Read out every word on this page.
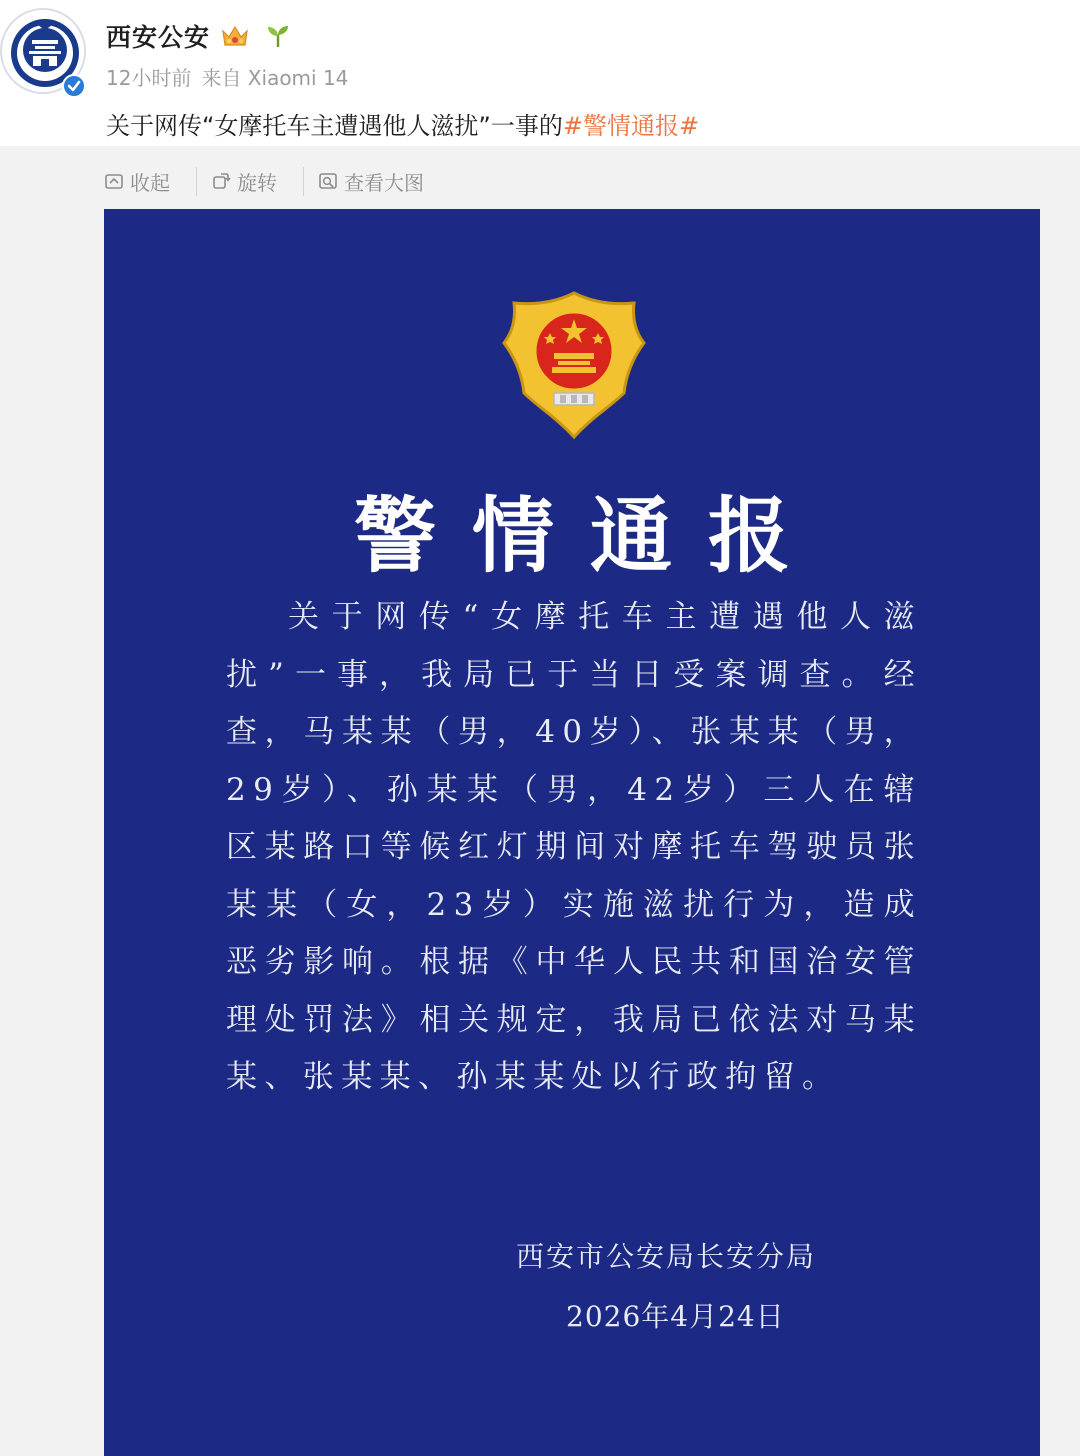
西安公安
12小时前 来自 Xiaomi 14
关于网传“女摩托车主遭遇他人滋扰”一事的#警情通报#
收起	旋转	查看大图
警情通报
关于网传“女摩托车主遭遇他人滋扰”一事，我局已于当日受案调查。经查，马某某（男，40岁）、张某某（男，29岁）、孙某某（男，42岁）三人在辖区某路口等候红灯期间对摩托车驾驶员张某某（女，23岁）实施滋扰行为，造成恶劣影响。根据《中华人民共和国治安管理处罚法》相关规定，我局已依法对马某某、张某某、孙某某处以行政拘留。
西安市公安局长安分局
2026年4月24日
